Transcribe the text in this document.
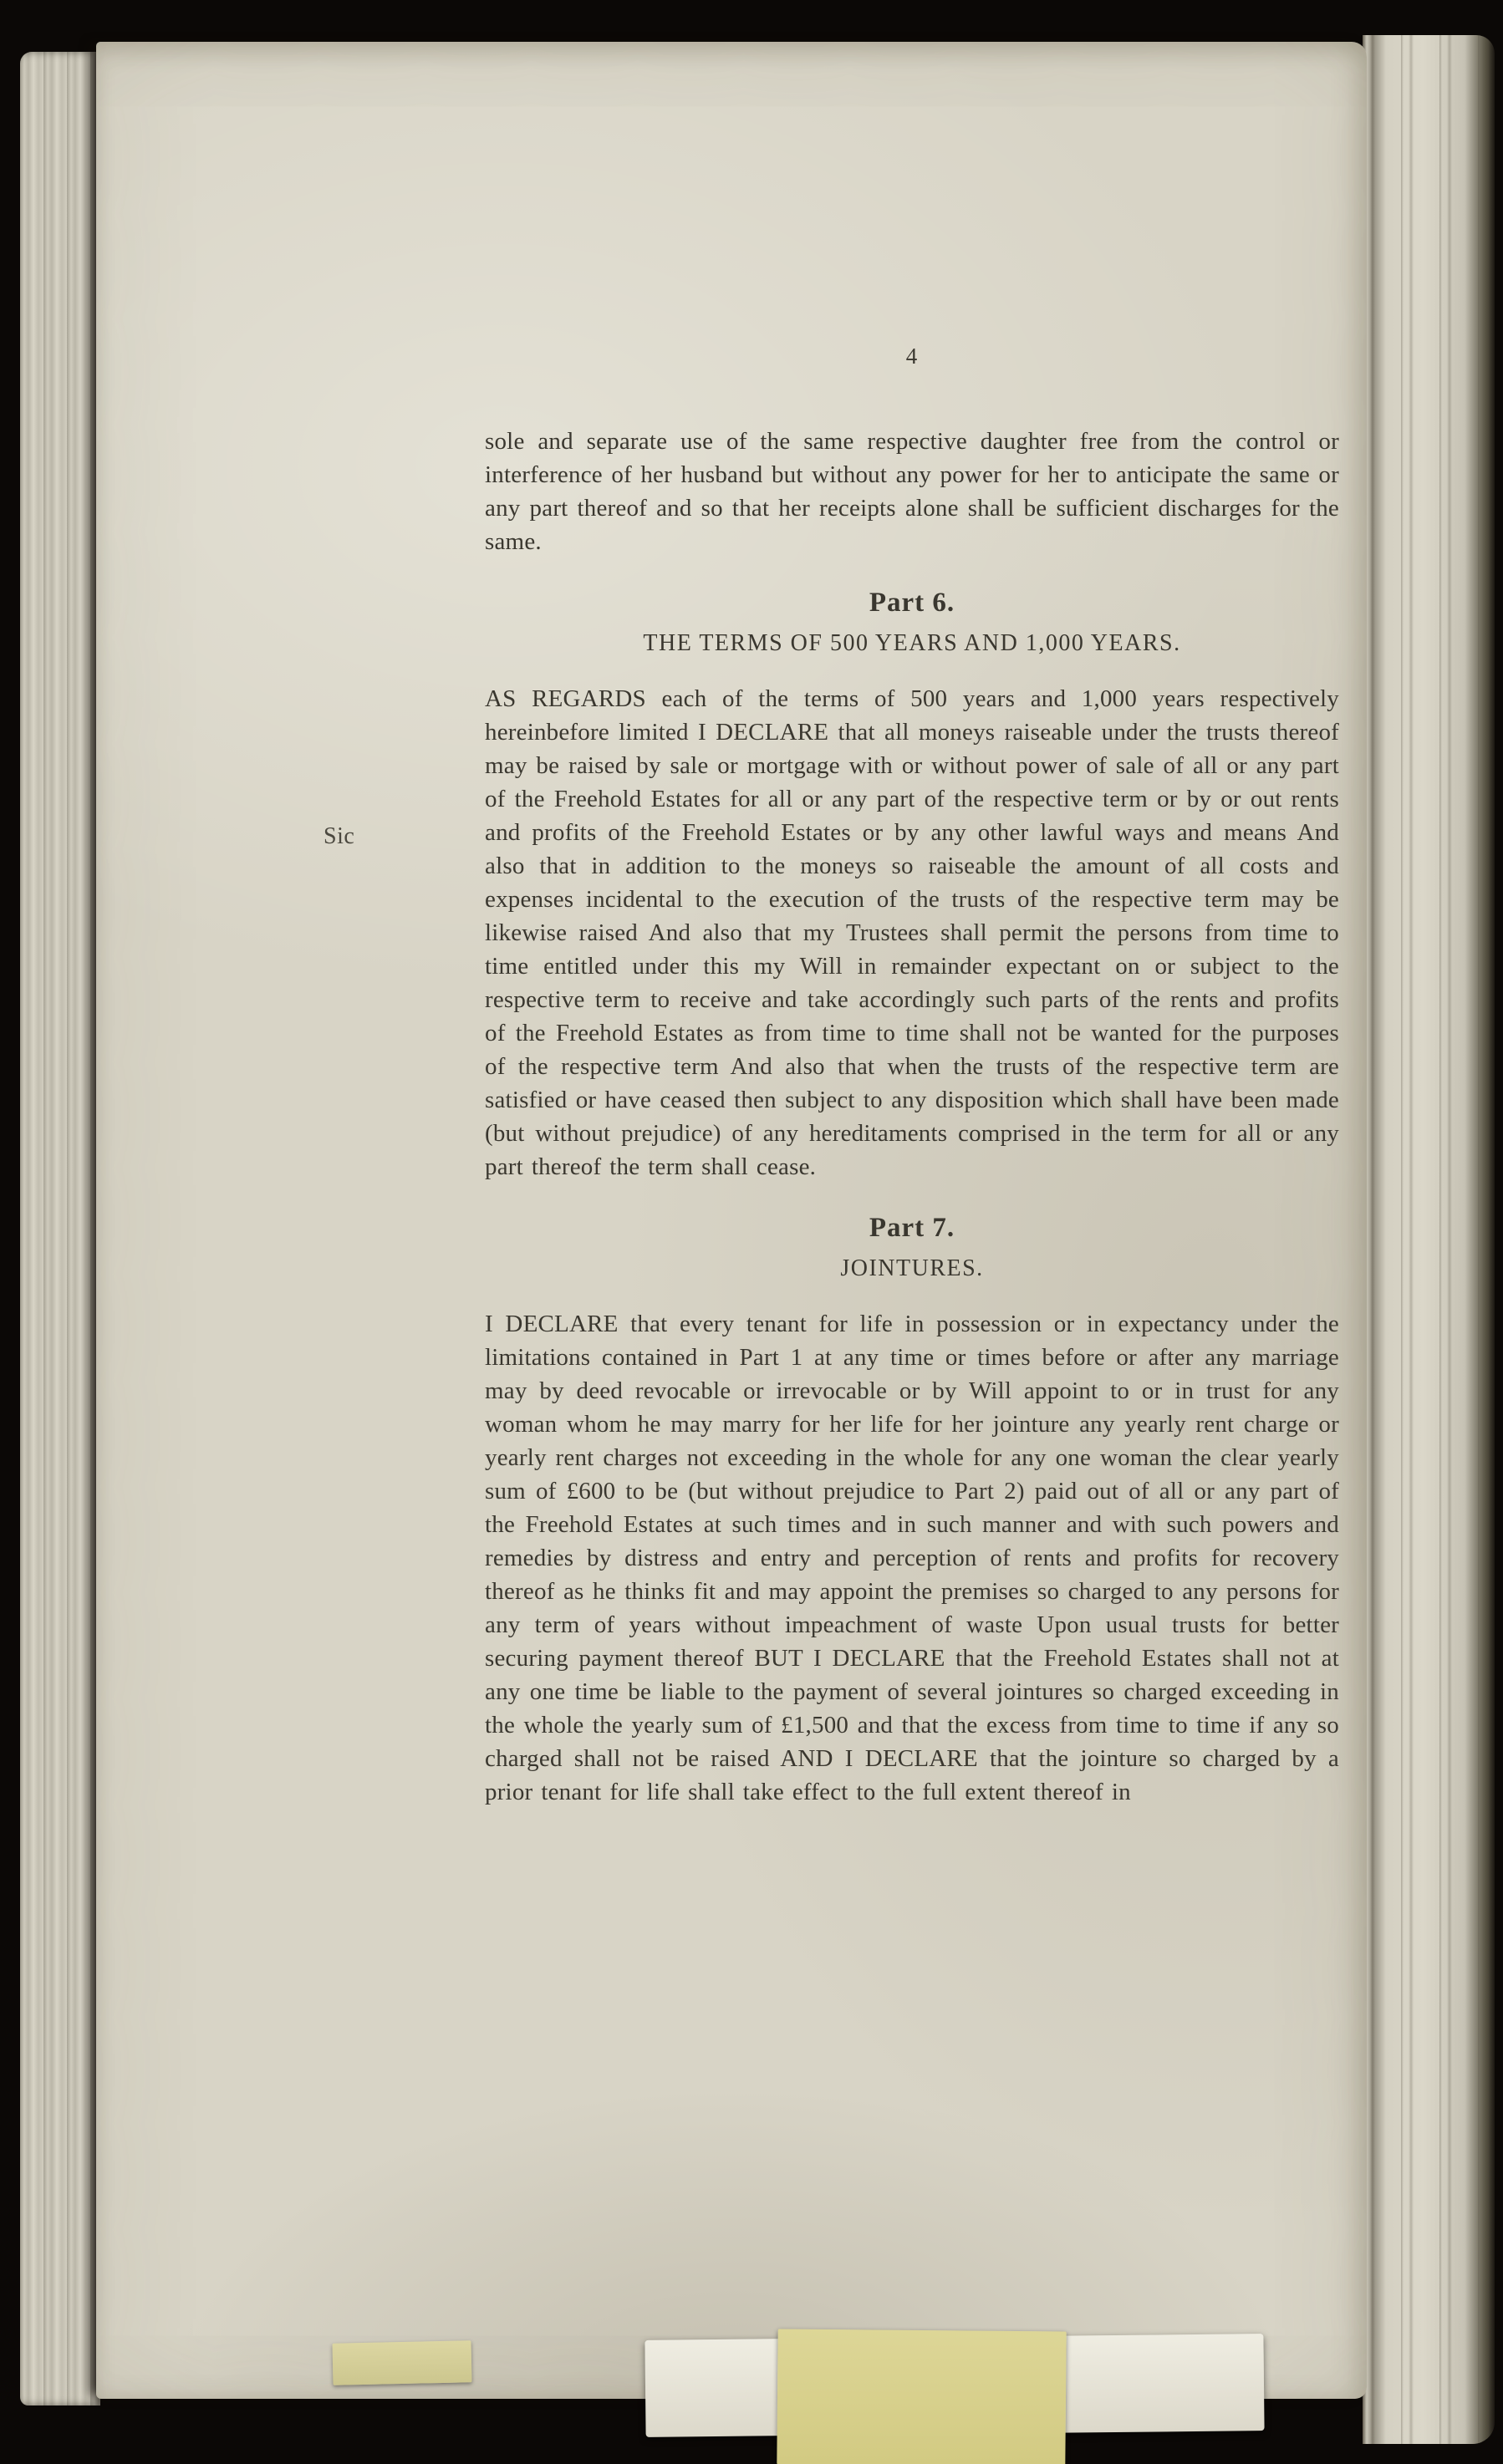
Sic
4

sole and separate use of the same respective daughter free from the control or interference of her husband but without any power for her to anticipate the same or any part thereof and so that her receipts alone shall be sufficient discharges for the same.

Part 6.
THE TERMS OF 500 YEARS AND 1,000 YEARS.

AS REGARDS each of the terms of 500 years and 1,000 years respectively hereinbefore limited I DECLARE that all moneys raiseable under the trusts thereof may be raised by sale or mortgage with or without power of sale of all or any part of the Freehold Estates for all or any part of the respective term or by or out rents and profits of the Freehold Estates or by any other lawful ways and means And also that in addition to the moneys so raiseable the amount of all costs and expenses incidental to the execution of the trusts of the respective term may be likewise raised And also that my Trustees shall permit the persons from time to time entitled under this my Will in remainder expectant on or subject to the respective term to receive and take accordingly such parts of the rents and profits of the Freehold Estates as from time to time shall not be wanted for the purposes of the respective term And also that when the trusts of the respective term are satisfied or have ceased then subject to any disposition which shall have been made (but without prejudice) of any hereditaments comprised in the term for all or any part thereof the term shall cease.

Part 7.
JOINTURES.

I DECLARE that every tenant for life in possession or in expectancy under the limitations contained in Part 1 at any time or times before or after any marriage may by deed revocable or irrevocable or by Will appoint to or in trust for any woman whom he may marry for her life for her jointure any yearly rent charge or yearly rent charges not exceeding in the whole for any one woman the clear yearly sum of £600 to be (but without prejudice to Part 2) paid out of all or any part of the Freehold Estates at such times and in such manner and with such powers and remedies by distress and entry and perception of rents and profits for recovery thereof as he thinks fit and may appoint the premises so charged to any persons for any term of years without impeachment of waste Upon usual trusts for better securing payment thereof BUT I DECLARE that the Freehold Estates shall not at any one time be liable to the payment of several jointures so charged exceeding in the whole the yearly sum of £1,500 and that the excess from time to time if any so charged shall not be raised AND I DECLARE that the jointure so charged by a prior tenant for life shall take effect to the full extent thereof in
